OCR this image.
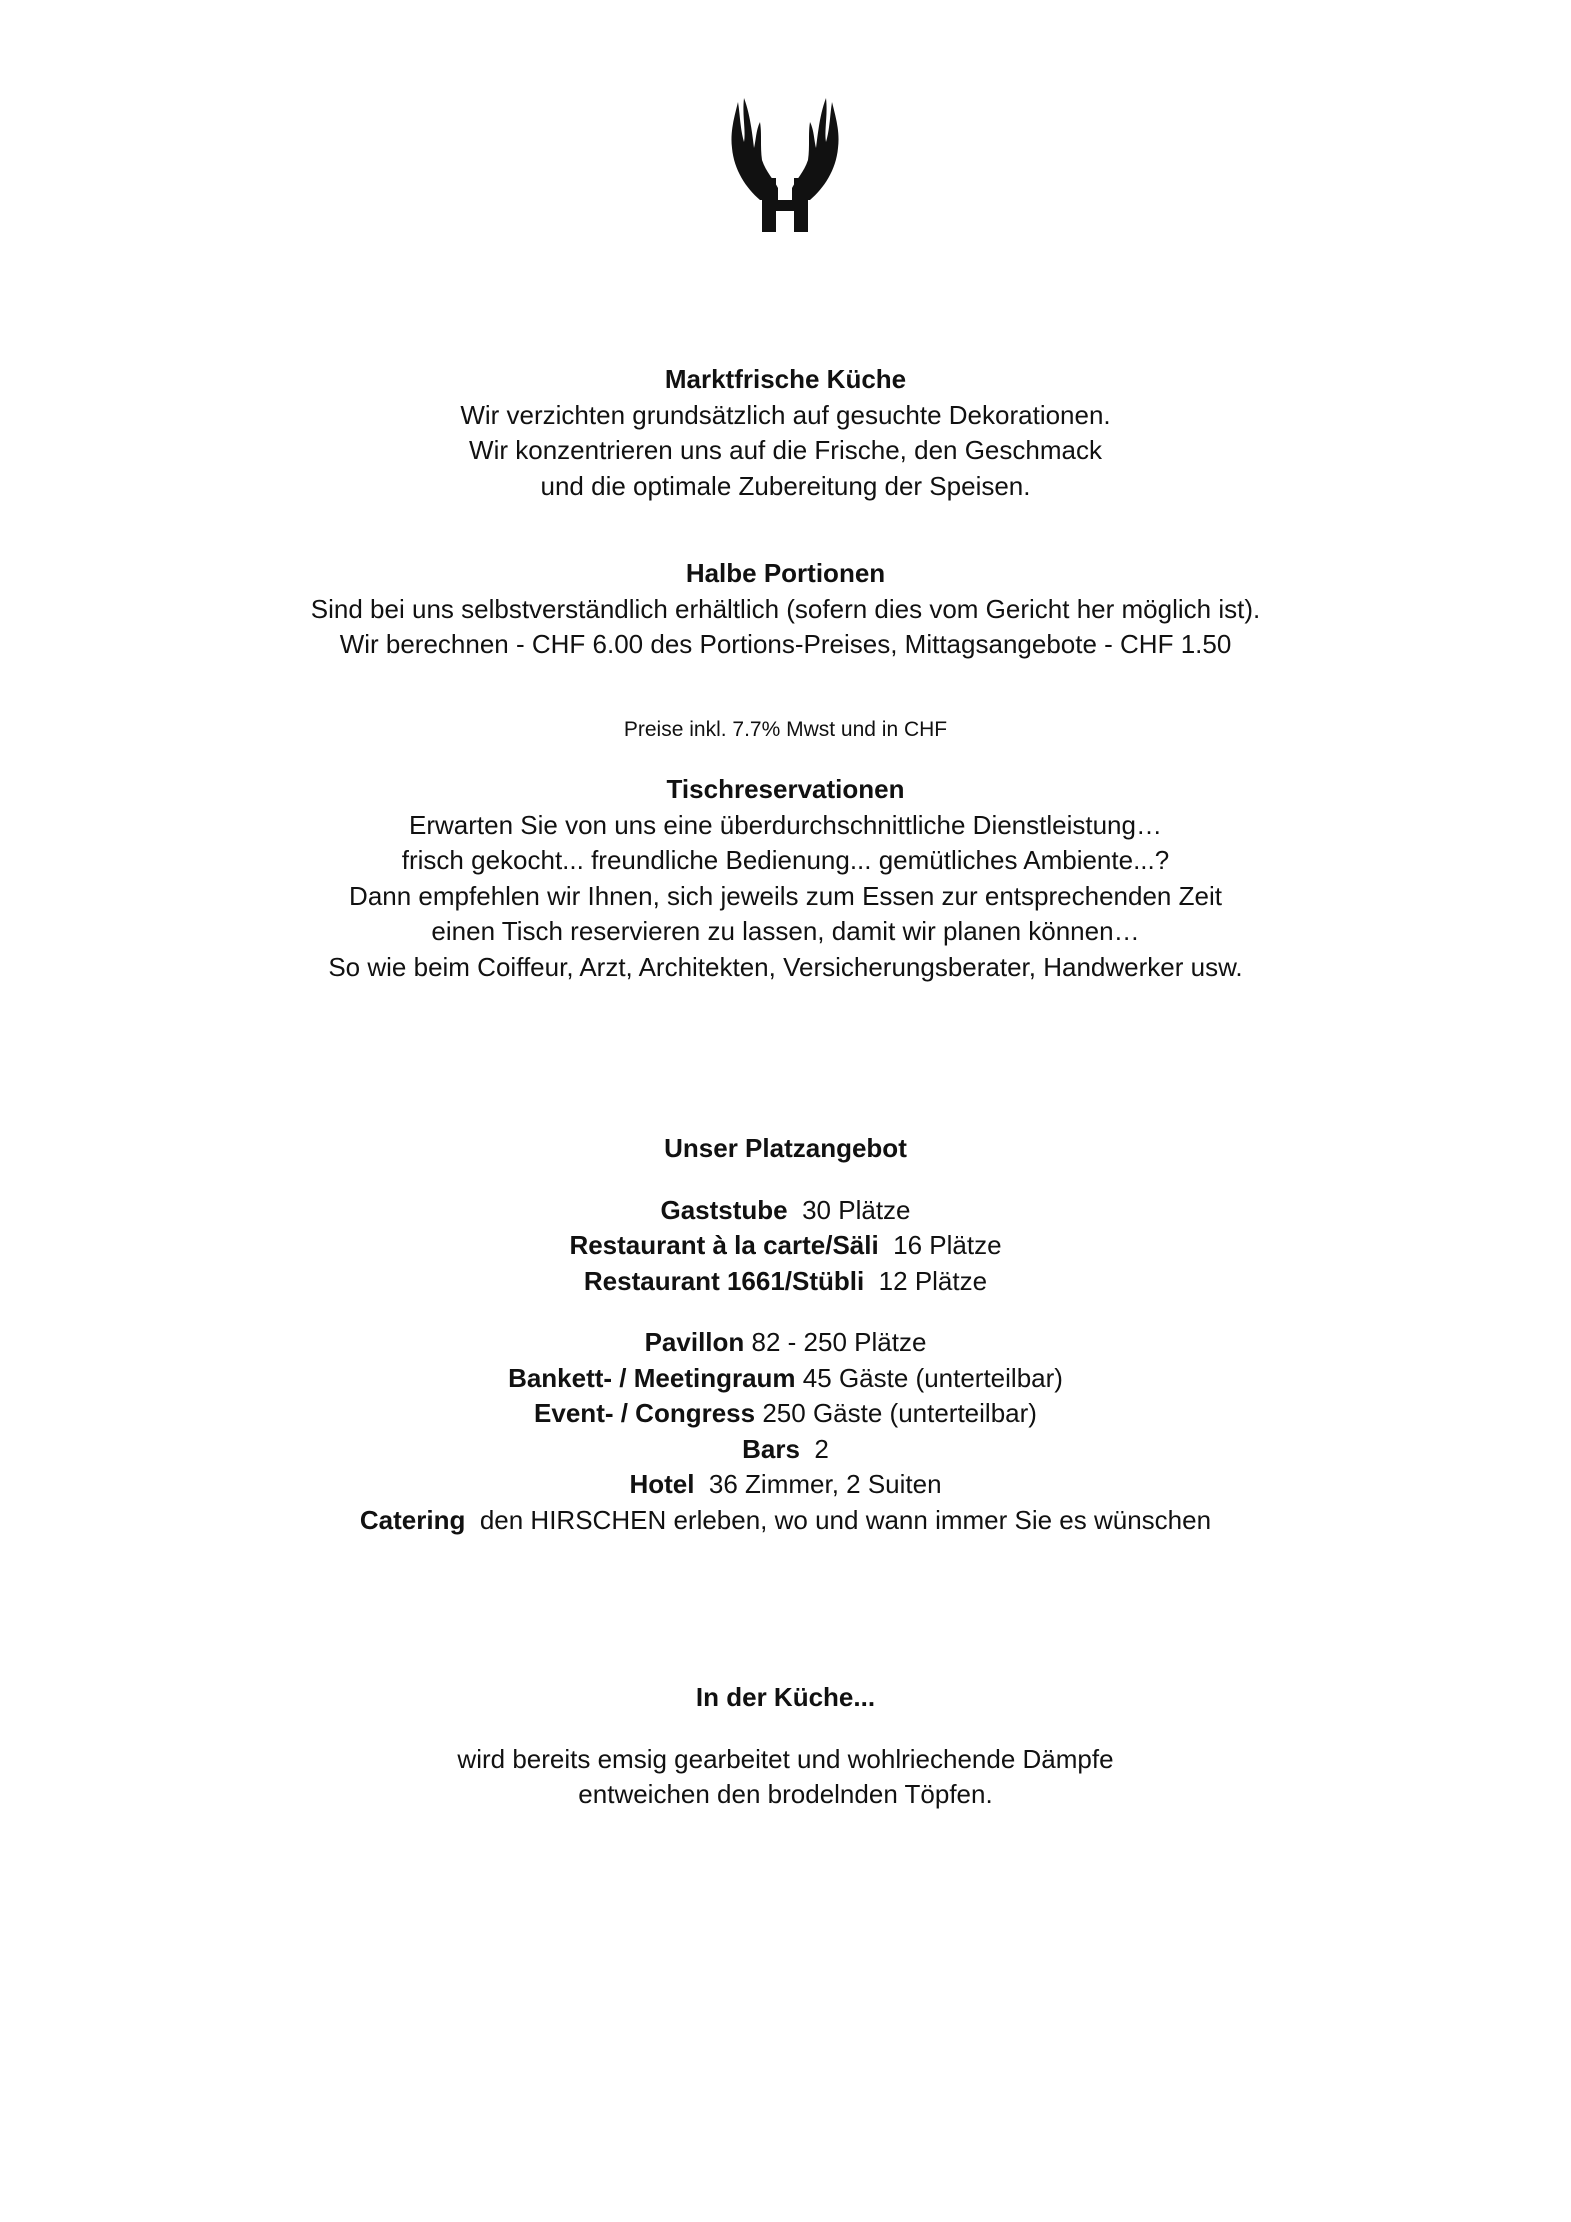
Marktfrische Küche
Wir verzichten grundsätzlich auf gesuchte Dekorationen.
Wir konzentrieren uns auf die Frische, den Geschmack
und die optimale Zubereitung der Speisen.
Halbe Portionen
Sind bei uns selbstverständlich erhältlich (sofern dies vom Gericht her möglich ist).
Wir berechnen - CHF 6.00 des Portions-Preises, Mittagsangebote - CHF 1.50
Preise inkl. 7.7% Mwst und in CHF
Tischreservationen
Erwarten Sie von uns eine überdurchschnittliche Dienstleistung…
frisch gekocht... freundliche Bedienung... gemütliches Ambiente...?
Dann empfehlen wir Ihnen, sich jeweils zum Essen zur entsprechenden Zeit
einen Tisch reservieren zu lassen, damit wir planen können…
So wie beim Coiffeur, Arzt, Architekten, Versicherungsberater, Handwerker usw.
Unser Platzangebot
Gaststube 30 Plätze
Restaurant à la carte/Säli 16 Plätze
Restaurant 1661/Stübli 12 Plätze
Pavillon 82 - 250 Plätze
Bankett- / Meetingraum 45 Gäste (unterteilbar)
Event- / Congress 250 Gäste (unterteilbar)
Bars 2
Hotel 36 Zimmer, 2 Suiten
Catering den HIRSCHEN erleben, wo und wann immer Sie es wünschen
In der Küche...
wird bereits emsig gearbeitet und wohlriechende Dämpfe
entweichen den brodelnden Töpfen.
